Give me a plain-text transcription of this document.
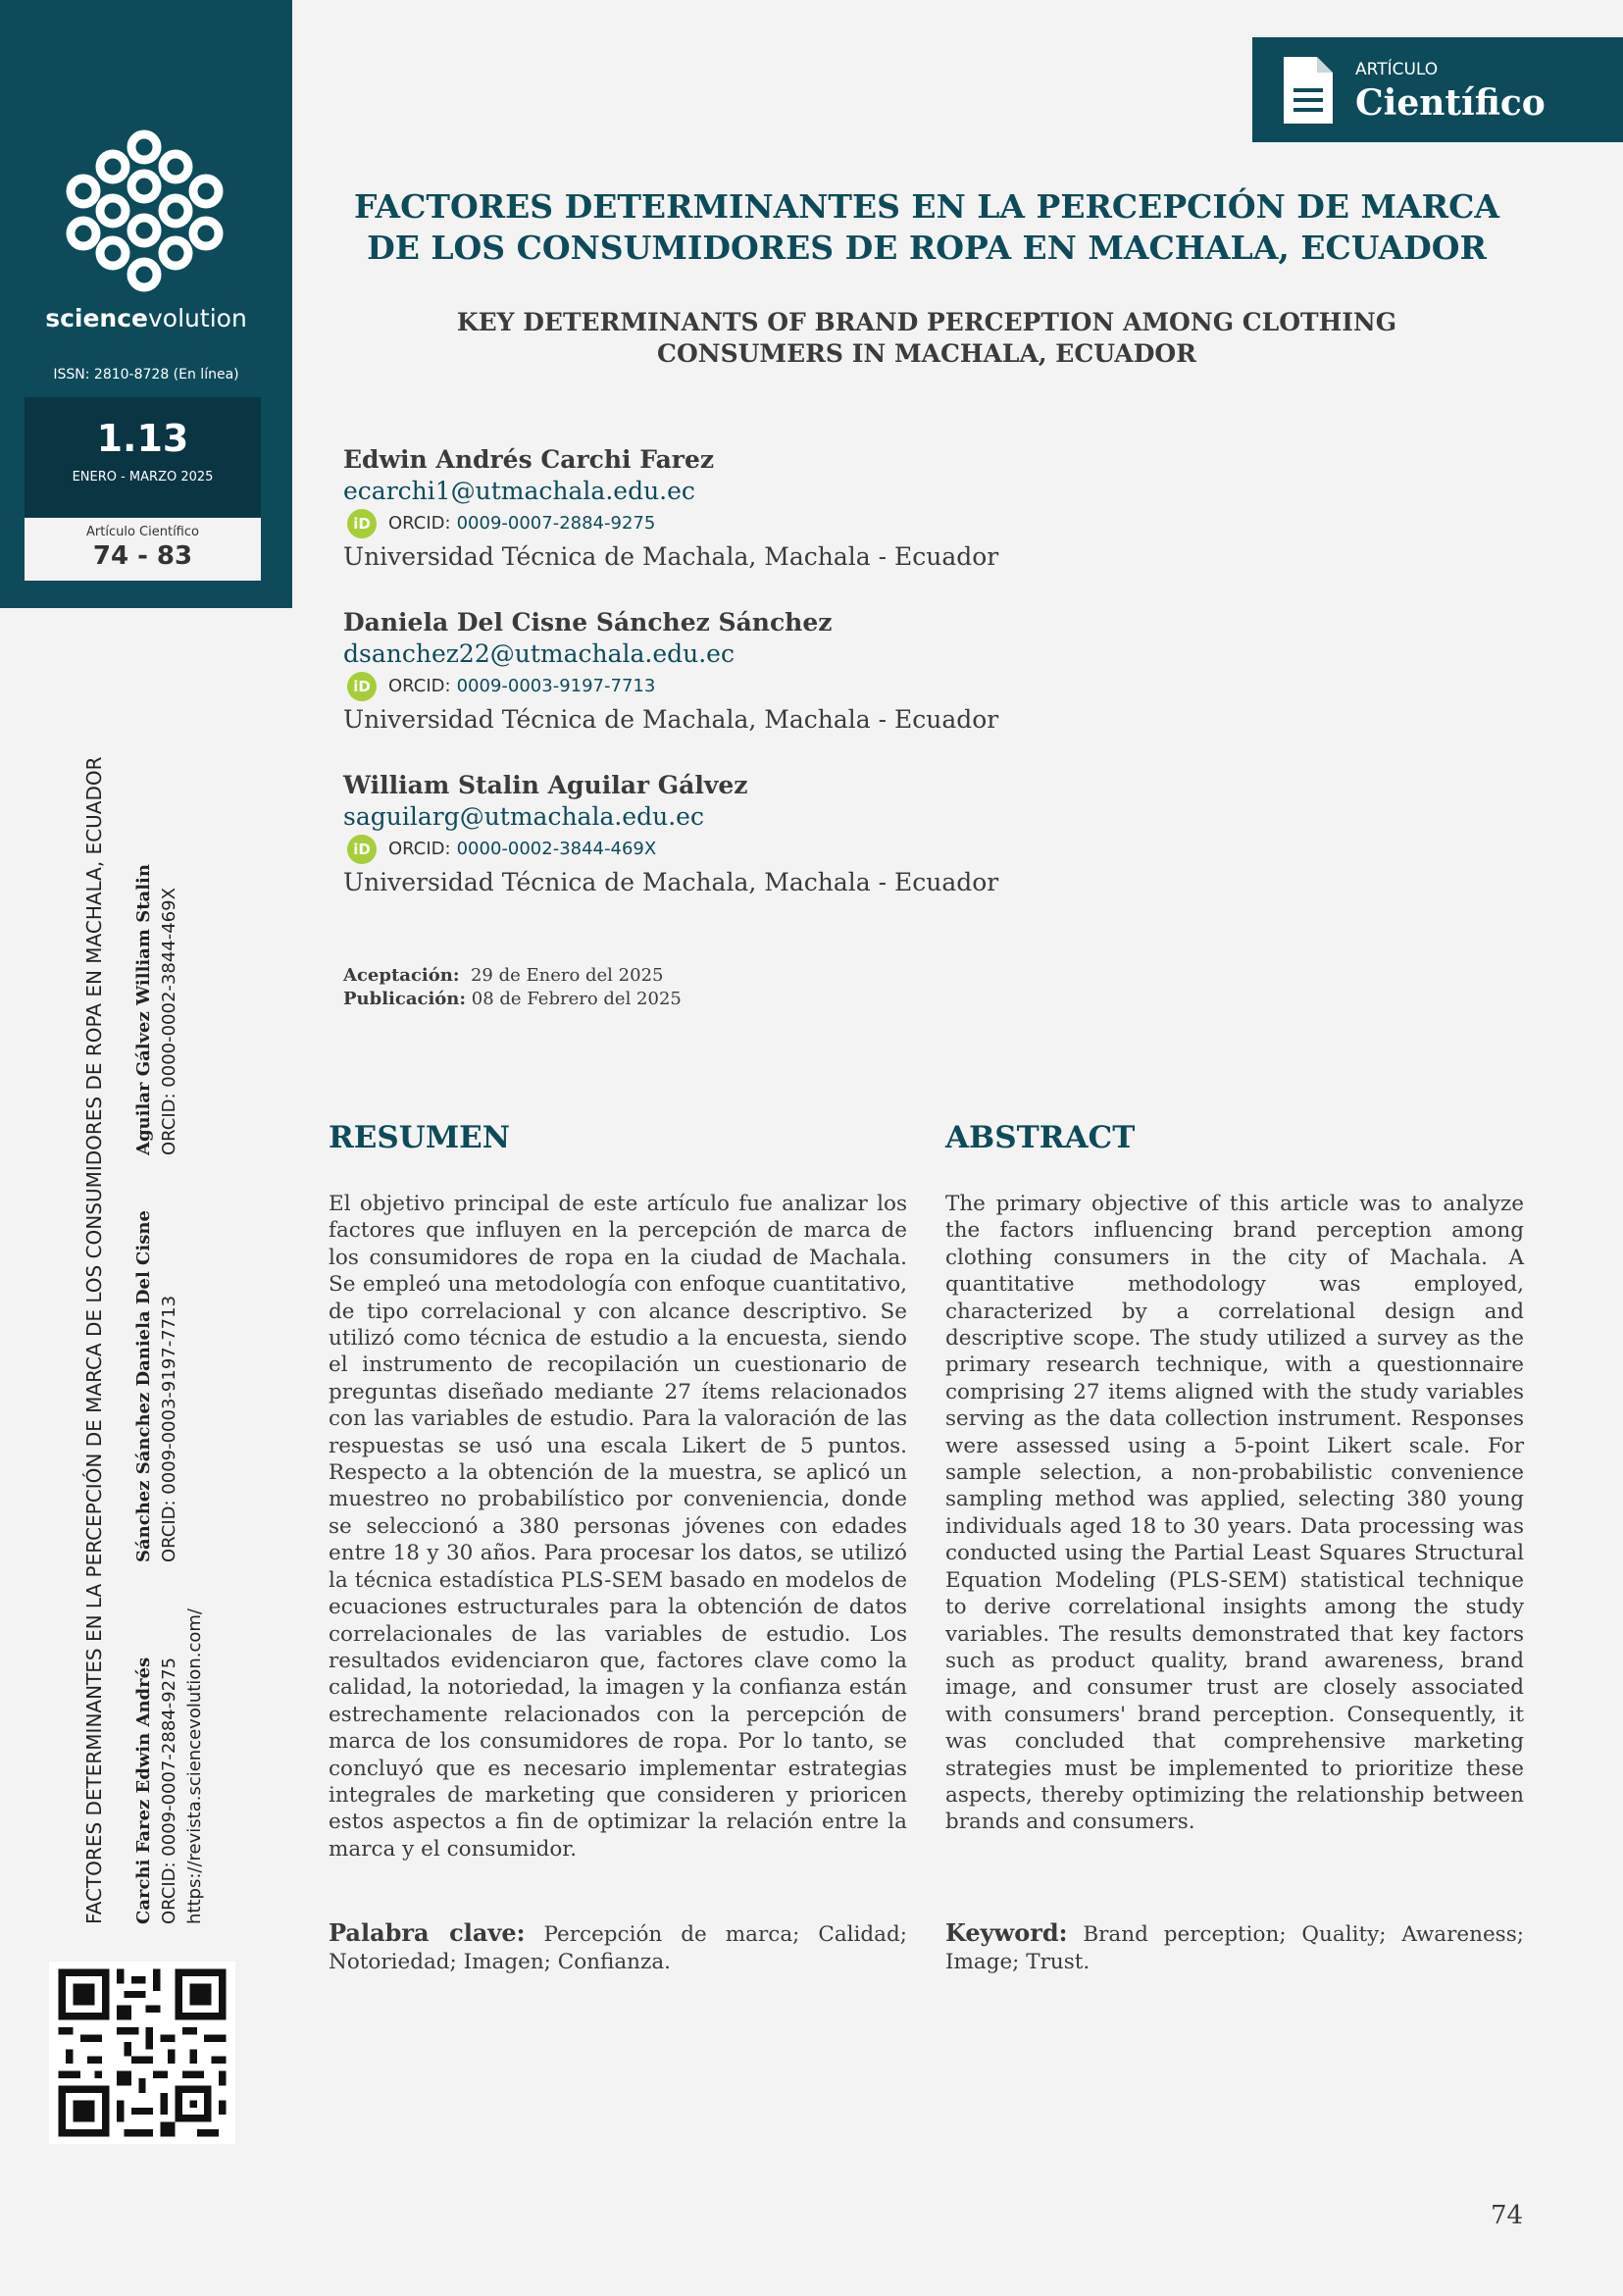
sciencevolution
ISSN: 2810-8728 (En línea)
1.13
ENERO - MARZO 2025
Artículo Científico
74 - 83
ARTÍCULO
Científico
FACTORES DETERMINANTES EN LA PERCEPCIÓN DE MARCA DE LOS CONSUMIDORES DE ROPA EN MACHALA, ECUADOR
KEY DETERMINANTS OF BRAND PERCEPTION AMONG CLOTHING CONSUMERS IN MACHALA, ECUADOR
Edwin Andrés Carchi Farez
ecarchi1@utmachala.edu.ec
iD	ORCID: 0009-0007-2884-9275
Universidad Técnica de Machala, Machala - Ecuador
Daniela Del Cisne Sánchez Sánchez
dsanchez22@utmachala.edu.ec
iD	ORCID: 0009-0003-9197-7713
Universidad Técnica de Machala, Machala - Ecuador
William Stalin Aguilar Gálvez
saguilarg@utmachala.edu.ec
iD	ORCID: 0000-0002-3844-469X
Universidad Técnica de Machala, Machala - Ecuador
Aceptación: 29 de Enero del 2025
Publicación: 08 de Febrero del 2025
FACTORES DETERMINANTES EN LA PERCEPCIÓN DE MARCA DE LOS CONSUMIDORES DE ROPA EN MACHALA, ECUADOR Carchi Farez Edwin Andrés ORCID: 0009-0007-2884-9275 https://revista.sciencevolution.com/
Sánchez Sánchez Daniela Del Cisne ORCID: 0009-0003-9197-7713
Aguilar Gálvez William Stalin ORCID: 0000-0002-3844-469X	RESUMEN

El objetivo principal de este artículo fue analizar los factores que influyen en la percepción de marca de los consumidores de ropa en la ciudad de Machala. Se empleó una metodología con enfoque cuantitativo, de tipo correlacional y con alcance descriptivo. Se utilizó como técnica de estudio a la encuesta, siendo el instrumento de recopilación un cuestionario de preguntas diseñado mediante 27 ítems relacionados con las variables de estudio. Para la valoración de las respuestas se usó una escala Likert de 5 puntos. Respecto a la obtención de la muestra, se aplicó un muestreo no probabilístico por conveniencia, donde se seleccionó a 380 personas jóvenes con edades entre 18 y 30 años. Para procesar los datos, se utilizó la técnica estadística PLS-SEM basado en modelos de ecuaciones estructurales para la obtención de datos correlacionales de las variables de estudio. Los resultados evidenciaron que, factores clave como la calidad, la notoriedad, la imagen y la confianza están estrechamente relacionados con la percepción de marca de los consumidores de ropa. Por lo tanto, se concluyó que es necesario implementar estrategias integrales de marketing que consideren y prioricen estos aspectos a fin de optimizar la relación entre la marca y el consumidor.

Palabra clave: Percepción de marca; Calidad; Notoriedad; Imagen; Confianza.

ABSTRACT

The primary objective of this article was to analyze the factors influencing brand perception among clothing consumers in the city of Machala. A quantitative methodology was employed, characterized by a correlational design and descriptive scope. The study utilized a survey as the primary research technique, with a questionnaire comprising 27 items aligned with the study variables serving as the data collection instrument. Responses were assessed using a 5-point Likert scale. For sample selection, a non-probabilistic convenience sampling method was applied, selecting 380 young individuals aged 18 to 30 years. Data processing was conducted using the Partial Least Squares Structural Equation Modeling (PLS-SEM) statistical technique to derive correlational insights among the study variables. The results demonstrated that key factors such as product quality, brand awareness, brand image, and consumer trust are closely associated with consumers' brand perception. Consequently, it was concluded that comprehensive marketing strategies must be implemented to prioritize these aspects, thereby optimizing the relationship between brands and consumers.

Keyword: Brand perception; Quality; Awareness; Image; Trust.

74
